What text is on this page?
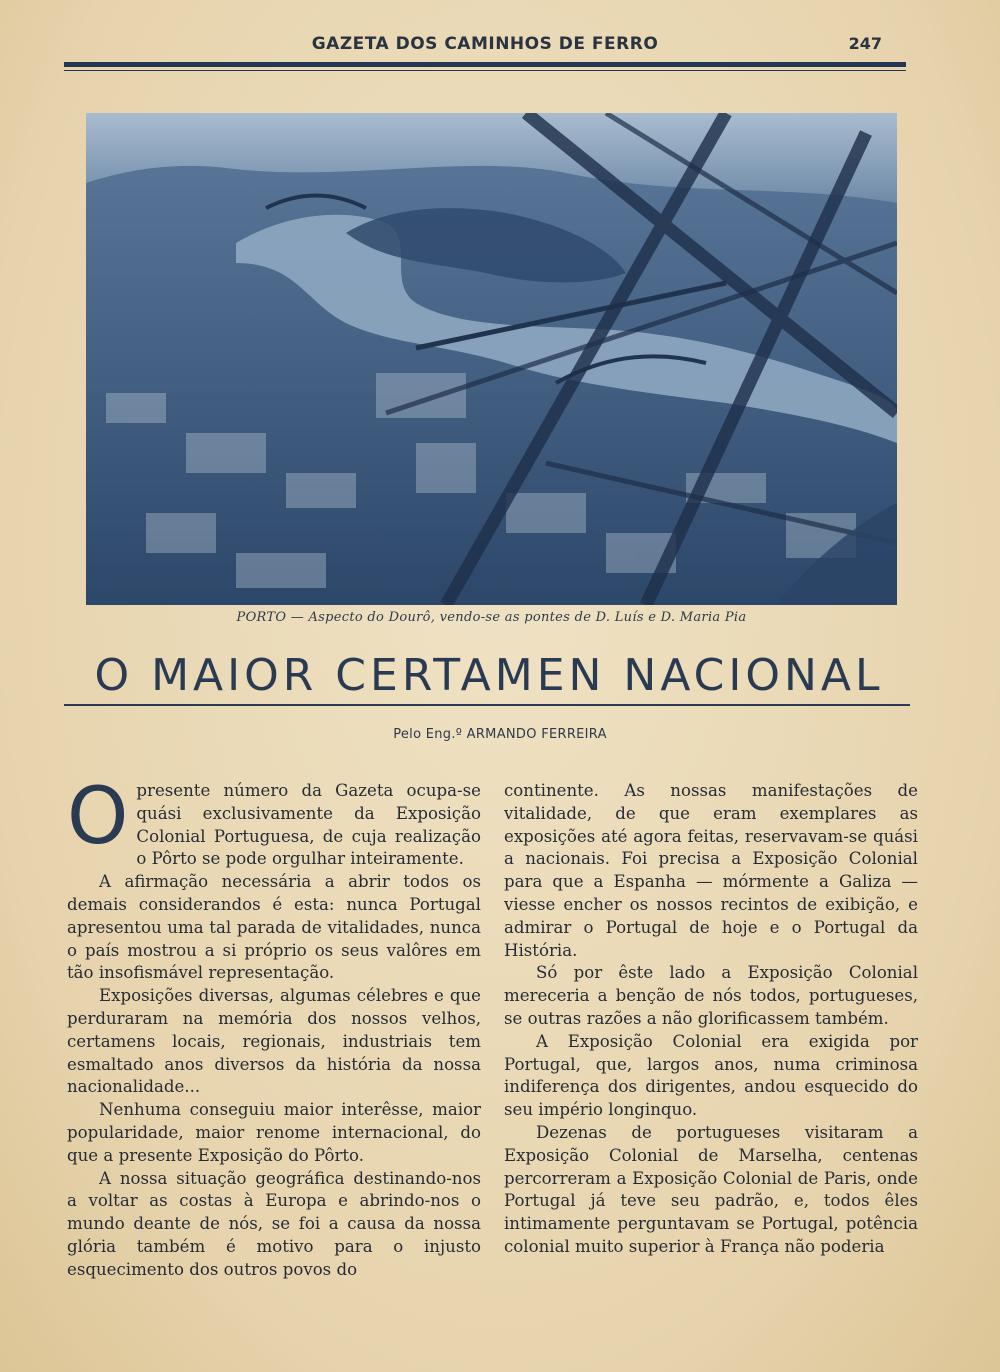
GAZETA DOS CAMINHOS DE FERRO	247
PORTO — Aspecto do Dourô, vendo-se as pontes de D. Luís e D. Maria Pia
O MAIOR CERTAMEN NACIONAL
Pelo Eng.º ARMANDO FERREIRA

Opresente número da Gazeta ocupa-se quási exclusivamente da Exposição Colonial Portuguesa, de cuja realização o Pôrto se pode orgulhar inteiramente.

A afirmação necessária a abrir todos os demais considerandos é esta: nunca Portugal apresentou uma tal parada de vitalidades, nunca o país mostrou a si próprio os seus valôres em tão insofismável representação.

Exposições diversas, algumas célebres e que perduraram na memória dos nossos velhos, certamens locais, regionais, industriais tem esmaltado anos diversos da história da nossa nacionalidade...

Nenhuma conseguiu maior interêsse, maior popularidade, maior renome internacional, do que a presente Exposição do Pôrto.

A nossa situação geográfica destinando-nos a voltar as costas à Europa e abrindo-nos o mundo deante de nós, se foi a causa da nossa glória também é motivo para o injusto esquecimento dos outros povos do

continente. As nossas manifestações de vitalidade, de que eram exemplares as exposições até agora feitas, reservavam-se quási a nacionais. Foi precisa a Exposição Colonial para que a Espanha — mórmente a Galiza — viesse encher os nossos recintos de exibição, e admirar o Portugal de hoje e o Portugal da História.

Só por êste lado a Exposição Colonial mereceria a benção de nós todos, portugueses, se outras razões a não glorificassem também.

A Exposição Colonial era exigida por Portugal, que, largos anos, numa criminosa indiferença dos dirigentes, andou esquecido do seu império longinquo.

Dezenas de portugueses visitaram a Exposição Colonial de Marselha, centenas percorreram a Exposição Colonial de Paris, onde Portugal já teve seu padrão, e, todos êles intimamente perguntavam se Portugal, potência colonial muito superior à França não poderia
